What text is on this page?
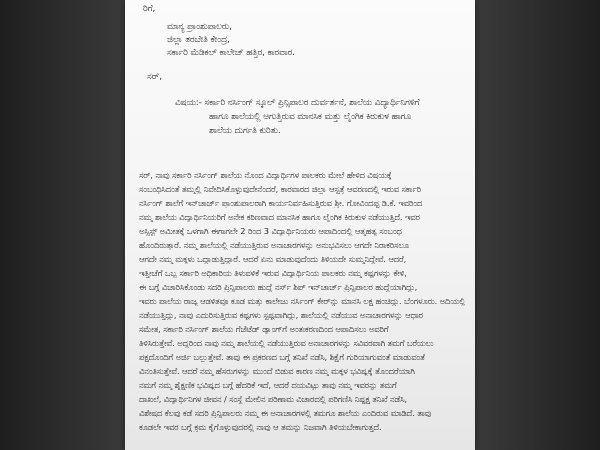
ರಿಗೆ,
ಮಾನ್ಯ ಪ್ರಾಂಶುಪಾಲರು,
ಜಿಲ್ಲಾ ತರಬೇತಿ ಕೇಂದ್ರ,
ಸರ್ಕಾರಿ ಮೆಡಿಕಲ್ ಕಾಲೇಜ್ ಹತ್ತಿರ, ಕಾರವಾರ.
ಸರ್,
ವಿಷಯ:- ಸರ್ಕಾರಿ ನರ್ಸಿಂಗ್ ಸ್ಕೂಲ್ ಪ್ರಿನ್ಸಿಪಾಲರ ದುರ್ವರ್ತನೆ, ಶಾಲೆಯ ವಿದ್ಯಾರ್ಥಿನಿಗಳಿಗೆ
ಹಾಗೂ ಶಾಲೆಯಲ್ಲಿ ಆಗುತ್ತಿರುವ ಮಾನಸಿಕ ಮತ್ತು ಲೈಂಗಿಕ ಕಿರುಕುಳ ಹಾಗೂ
ಶಾಲೆಯ ದುರ್ಗತಿ ಕುರಿತು.
ಸರ್, ನಾವು ಸರ್ಕಾರಿ ನರ್ಸಿಂಗ್ ಶಾಲೆಯ ನೊಂದ ವಿದ್ಯಾರ್ಥಿಗಳ ಪಾಲಕರು ಮೇಲೆ ಹೇಳಿದ ವಿಷಯಕ್ಕೆ
ಸಂಬಂಧಿಸಿದಂತೆ ತಮ್ಮಲ್ಲಿ ನಿವೇದಿಸಿಕೊಳ್ಳುವುದೇನೆಂದರೆ, ಕಾರವಾರದ ಜಿಲ್ಲಾ ಆಸ್ಪತ್ರೆ ಆವರಣದಲ್ಲಿ ಇರುವ ಸರ್ಕಾರಿ
ನರ್ಸಿಂಗ್ ಶಾಲೆಗೆ ಇನ್‌ಚಾರ್ಜ್ ಪ್ರಾಂಶುಪಾಲರಾಗಿ ಕಾರ್ಯನಿರ್ವಹಿಸುತ್ತಿರುವ ಶ್ರೀ. ಗೋವಿಂದಪ್ಪ ಡಿ.ಕೆ. ಇವರಿಂದ
ನಮ್ಮ ಶಾಲೆಯ ವಿದ್ಯಾರ್ಥಿನಿಯರಿಗೆ ಅನೇಕ ಕಠಿಣವಾದ ಮಾನಸಿಕ ಹಾಗೂ ಲೈಂಗಿಕ ಕಿರುಕುಳ ನಡೆಯುತ್ತಿದೆ. ಇವರ
ಅಸ್ಸಿಸ್ಟ್ ಅಮೀತಕ್ಕೆ ಒಳಗಾಗಿ ಈಗಾಗಲೇ 2 ರಿಂದ 3 ವಿದ್ಯಾರ್ಥಿನಿಯರು ಆಪಾದಿಂದಲ್ಲಿ ಆತ್ಮಹತ್ಯ ಸಂಬಂಧ
ಹೊಂದಿರುತ್ತಾರೆ. ನಮ್ಮ ಶಾಲೆಯಲ್ಲಿ ನಡೆಯುತ್ತಿರುವ ಅನಾಚಾರಗಳನ್ನು ಅನುಭವಿಸಲು ಆಗದೇ ನಿರಾಕರಿಸಲೂ
ಆಗದೇ ನಮ್ಮ ಮಕ್ಕಳು ಒದ್ದಾಡುತ್ತಿದ್ದಾರೆ. ಆದರೆ ಏನು ಮಾಡುವುದೆಂದು ತಿಳಿಯದೇ ಸುಮ್ಮನಿದ್ದೇವೆ. ಆದರೆ,
ಇತ್ತೀಚೆಗೆ ಒಬ್ಬ ಸರ್ಕಾರಿ ಅಧಿಕಾರಿಯ ತಿಳುವಳಿಕೆ ಇರುವ ವಿದ್ಯಾರ್ಥಿನಿಯ ಪಾಲಕರು ನಮ್ಮ ಕಷ್ಟಗಳನ್ನು ಕೇಳಿ,
ಈ ಬಗ್ಗೆ ವಿಚಾರಿಸಿಕೊಂಡು ಸದರಿ ಪ್ರಿನ್ಸಿಪಾಲರು ಹುದ್ದೆ ನರ್ಸ್ ಶಿಪ್ ಇನ್‌ಚಾರ್ಜ್ ಪ್ರಿನ್ಸಿಪಾಲರ ಹುದ್ದೆಯಾಗಿದ್ದು,
ಇವರು ಪಾಲೆಯ ರಾಜ್ಯ ಆಡಳಿತವೂ ಕೂಡ ಮತ್ತು ಕಾಲೇಜು ನರ್ಸಿಂಗ್ ಕೇರ್‌ನ್ನು ಮಾನಸಿ ಲಕ್ಷ ಹಂಚಿದ್ದು. ಬೆಂಗಳೂರು. ಅದಿಯಲ್ಲಿ
ನಡೆಯುತ್ತಿದ್ದು, ನಾವು ಎದುರಿಸುತ್ತಿರುವ ಕಷ್ಟಗಳು ಸ್ಪಷ್ಟವಾಗಿದ್ದು, ಶಾಲೆಯಲ್ಲಿ ನಡೆಯುವ ಅನಾಚಾರಗಳನ್ನು ಆಧಾರ
ಸಮೇತ, ಸರ್ಕಾರಿ ನರ್ಸಿಂಗ್ ಶಾಲೆಯ ಗೆಜೆಟೆಡ್ ಡ್ಯಾಂಗ್‌ಗೆ ಅಂತಃಕರಣದಿಂದ ಆಪಾದಿಸಲು ಅವರಿಗೆ
ತಿಳಿಸಿರುತ್ತೇವೆ. ಅದ್ದರಿಂದ ನಾವು ನಮ್ಮ ಶಾಲೆಯಲ್ಲಿ ನಡೆಯುತ್ತಿರುವ ಅನಾಚಾರಗಳನ್ನು ಸವಿವರವಾಗಿ ತಮಗೆ ಬರೆಯಲು
ಪಕ್ಷದೊಂದಿಗೆ ಅರ್ಜಿ ಬಲ್ಲುತ್ತೇವೆ. ತಾವು ಈ ಪ್ರಕರಣದ ಬಗ್ಗೆ ತನಿಖೆ ನಡೆಸಿ, ಶಿಕ್ಷೆಗೆ ಗುರಿಯಾಗುವಂತೆ ಮಾಡುವಂತೆ
ವಿನಂತಿಸುತ್ತೇವೆ. ಆದರೆ ನಮ್ಮ ಹೆಸರುಗಳನ್ನು ಮುಂದೆ ಬಿಡುವ ಕಾರಣ ನಮ್ಮ ಮಕ್ಕಳ ಭವಿಷ್ಯಕ್ಕೆ ತೊಂದರೆಯಾಗಿ
ನಮಗೆ ನಮ್ಮ ಶೈಕ್ಷಣಿಕ ಭವಿಷ್ಯದ ಬಗ್ಗೆ ಹೆದರಿಕೆ ಇದೆ, ಆದರೆ ದಯವಿಟ್ಟು ತಾವು ನಮ್ಮ ಇವರನ್ನು ತಮಗೆ
ದಾಖಲೆ, ವಿದ್ಯಾರ್ಥಿನಿಗಳ ಜೀವನ / ಸಂಸ್ಥೆ ಮೇಲಿನ ಪರಿಣಾಮ ವಿಚಾರದಲ್ಲಿ ಪರಿಗಣಿಸಿ ನಿಷ್ಪಕ್ಷ ತನಿಖೆ ನಡೆಸಿ,
ವಿಶೇಷದ ಕೆಲವು ಕಡೆ ಸದರಿ ಪ್ರಿನ್ಸಿಪಾಲರು ನಮ್ಮ ಈ ಅನಾಚಾರಗಳಲ್ಲಿ ತಮಗೂ ಶಾಲೆಯ ಎಂದಿರುವ ಮಾಡಿದೆ. ತಾವು
ಕೂಡಲೇ ಇವರ ಬಗ್ಗೆ ಕ್ರಮ ಕೈಗೊಳ್ಳುವುದರಲ್ಲಿ ನಾವು ಆ ತಮನ್ನು ನಿಜವಾಗಿ ತಿಳಿಯಬೇಕಾಗುತ್ತದೆ.
